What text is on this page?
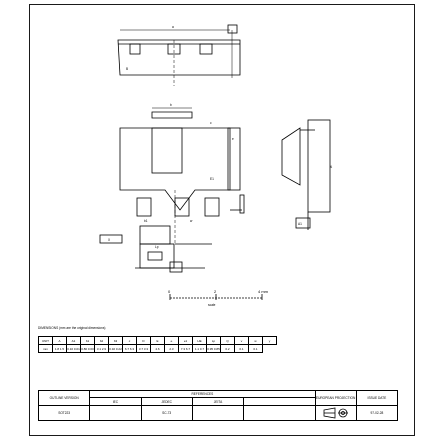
a
B
b
c
e
w
A
b1
E1
Lp
X
A1
0	2	4 mm
scale
DIMENSIONS (mm are the original dimensions)
UNIT	A	A1	b1	b2	b3	c	D	E	e	e1	HE	Lp	Q	v	w	y
mm	1.8 1.5	0.10 0.01	0.80 0.60	3.1 2.9	0.32 0.22	6.7 6.3	3.7 3.3	4.6	2.3	7.3 6.7	1.1 0.7	0.95 0.85	0.2	0.1	0.1	
OUTLINE VERSION	REFERENCES				EUROPEAN PROJECTION	ISSUE DATE
	IEC	JEDEC	JEITA			
SOT223		SC-73				97-02-28
